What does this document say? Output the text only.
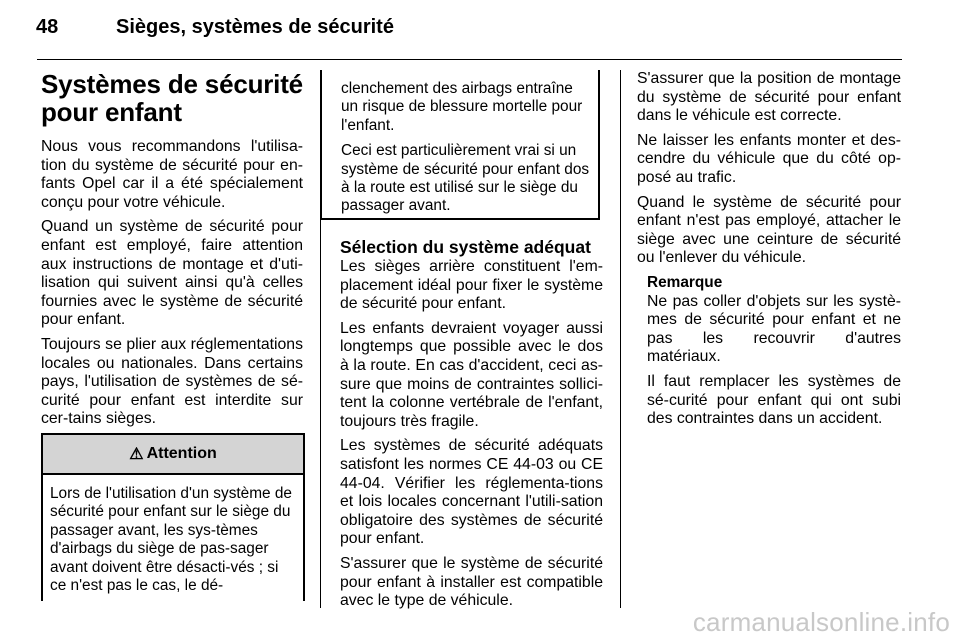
48	Sièges, systèmes de sécurité
Systèmes de sécurité pour enfant

Nous vous recommandons l'utilisa-tion du système de sécurité pour en-fants Opel car il a été spécialement conçu pour votre véhicule.

Quand un système de sécurité pour enfant est employé, faire attention aux instructions de montage et d'uti-lisation qui suivent ainsi qu'à celles fournies avec le système de sécurité pour enfant.

Toujours se plier aux réglementations locales ou nationales. Dans certains pays, l'utilisation de systèmes de sé-curité pour enfant est interdite sur cer-tains sièges.

⚠ Attention
Lors de l'utilisation d'un système de sécurité pour enfant sur le siège du passager avant, les sys-tèmes d'airbags du siège de pas-sager avant doivent être désacti-vés ; si ce n'est pas le cas, le dé-

clenchement des airbags entraîne un risque de blessure mortelle pour l'enfant.

Ceci est particulièrement vrai si un système de sécurité pour enfant dos à la route est utilisé sur le siège du passager avant.

Sélection du système adéquat

Les sièges arrière constituent l'em-placement idéal pour fixer le système de sécurité pour enfant.

Les enfants devraient voyager aussi longtemps que possible avec le dos à la route. En cas d'accident, ceci as-sure que moins de contraintes sollici-tent la colonne vertébrale de l'enfant, toujours très fragile.

Les systèmes de sécurité adéquats satisfont les normes CE 44-03 ou CE 44-04. Vérifier les réglementa-tions et lois locales concernant l'utili-sation obligatoire des systèmes de sécurité pour enfant.

S'assurer que le système de sécurité pour enfant à installer est compatible avec le type de véhicule.

S'assurer que la position de montage du système de sécurité pour enfant dans le véhicule est correcte.

Ne laisser les enfants monter et des-cendre du véhicule que du côté op-posé au trafic.

Quand le système de sécurité pour enfant n'est pas employé, attacher le siège avec une ceinture de sécurité ou l'enlever du véhicule.

Remarque

Ne pas coller d'objets sur les systè-mes de sécurité pour enfant et ne pas les recouvrir d'autres matériaux.

Il faut remplacer les systèmes de sé-curité pour enfant qui ont subi des contraintes dans un accident.

carmanualsonline.info
